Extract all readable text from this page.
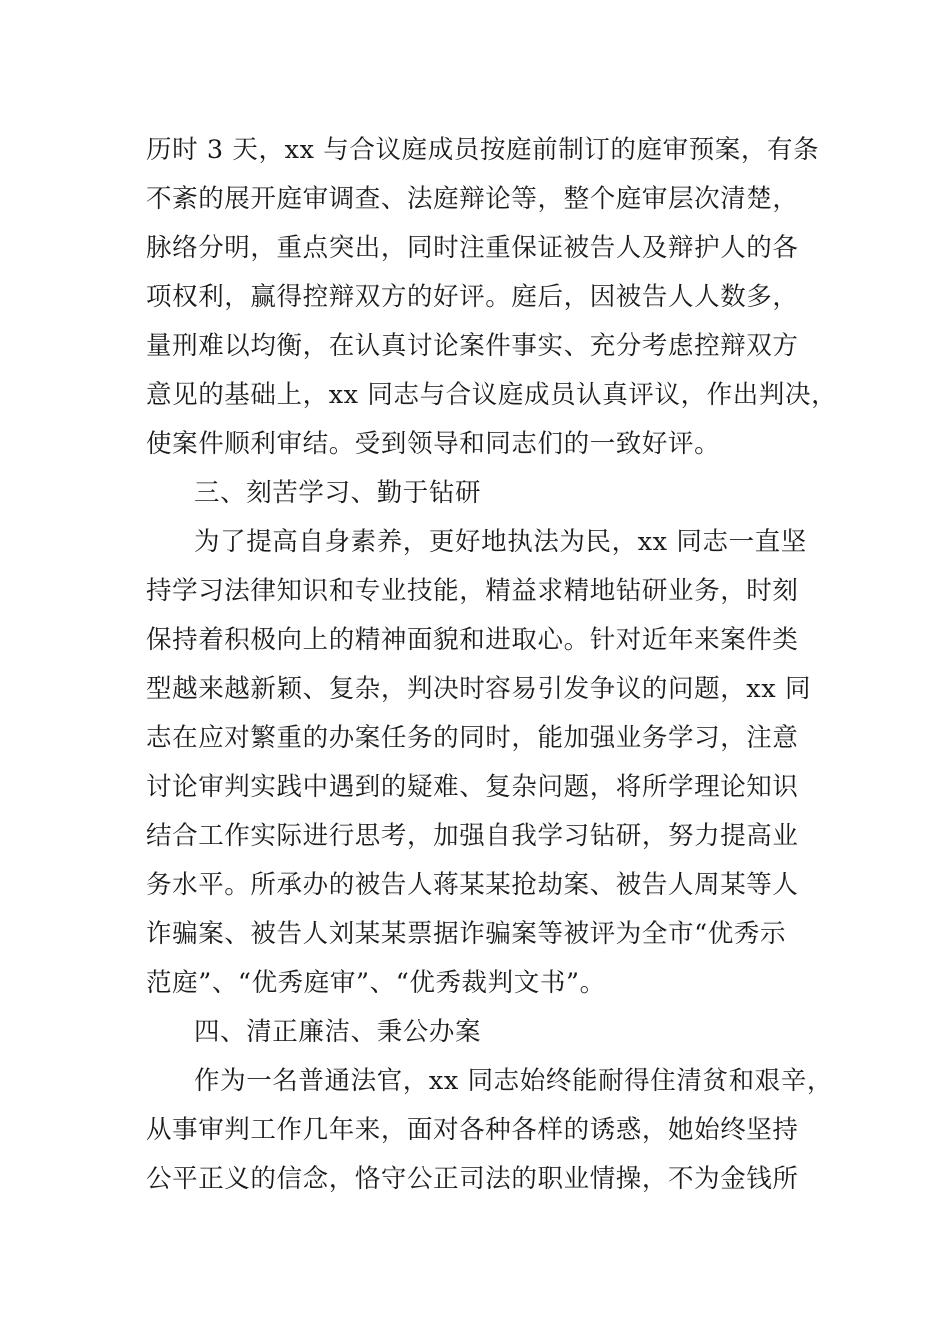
历时 3 天，xx 与合议庭成员按庭前制订的庭审预案，有条
不紊的展开庭审调查、法庭辩论等，整个庭审层次清楚，
脉络分明，重点突出，同时注重保证被告人及辩护人的各
项权利，赢得控辩双方的好评。庭后，因被告人人数多，
量刑难以均衡，在认真讨论案件事实、充分考虑控辩双方
意见的基础上，xx 同志与合议庭成员认真评议，作出判决，
使案件顺利审结。受到领导和同志们的一致好评。
三、刻苦学习、勤于钻研
为了提高自身素养，更好地执法为民，xx 同志一直坚
持学习法律知识和专业技能，精益求精地钻研业务，时刻
保持着积极向上的精神面貌和进取心。针对近年来案件类
型越来越新颖、复杂，判决时容易引发争议的问题，xx 同
志在应对繁重的办案任务的同时，能加强业务学习，注意
讨论审判实践中遇到的疑难、复杂问题，将所学理论知识
结合工作实际进行思考，加强自我学习钻研，努力提高业
务水平。所承办的被告人蒋某某抢劫案、被告人周某等人
诈骗案、被告人刘某某票据诈骗案等被评为全市“优秀示
范庭”、“优秀庭审”、“优秀裁判文书”。
四、清正廉洁、秉公办案
作为一名普通法官，xx 同志始终能耐得住清贫和艰辛，
从事审判工作几年来，面对各种各样的诱惑，她始终坚持
公平正义的信念，恪守公正司法的职业情操，不为金钱所
